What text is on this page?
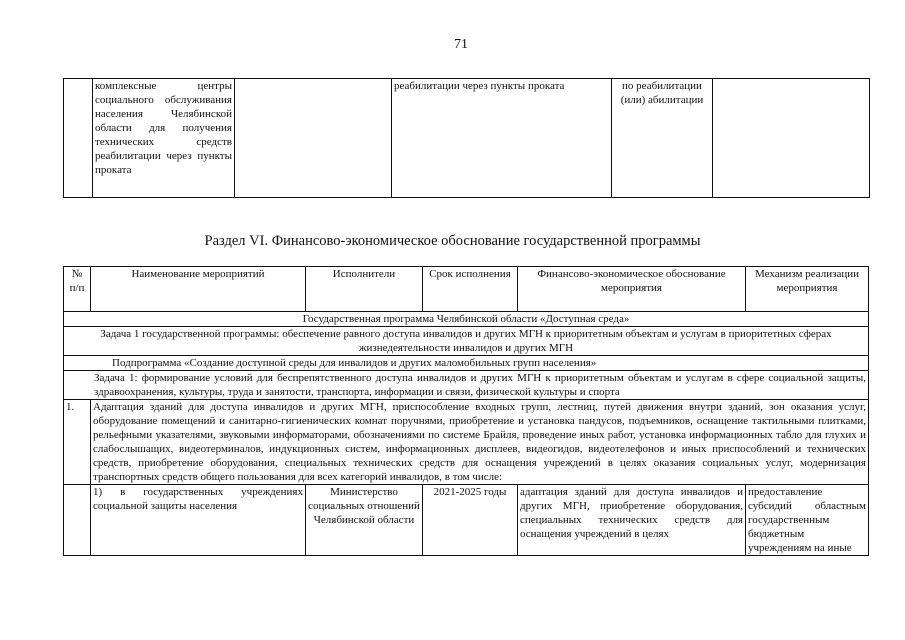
71
	комплексные центры социального обслуживания населения Челябинской области для получения технических средств реабилитации через пункты проката			реабилитации через пункты проката	по реабилитации (или) абилитации	
Раздел VI. Финансово-экономическое обоснование государственной программы
№ п/п	Наименование мероприятий	Исполнители	Срок исполнения	Финансово-экономическое обоснование мероприятия	Механизм реализации мероприятия
Государственная программа Челябинской области «Доступная среда»					
Задача 1 государственной программы: обеспечение равного доступа инвалидов и других МГН к приоритетным объектам и услугам в приоритетных сферах жизнедеятельности инвалидов и других МГН					
Подпрограмма «Создание доступной среды для инвалидов и других маломобильных групп населения»					
Задача 1: формирование условий для беспрепятственного доступа инвалидов и других МГН к приоритетным объектам и услугам в сфере социальной защиты, здравоохранения, культуры, труда и занятости, транспорта, информации и связи, физической культуры и спорта					
1.	Адаптация зданий для доступа инвалидов и других МГН, приспособление входных групп, лестниц, путей движения внутри зданий, зон оказания услуг, оборудование помещений и санитарно-гигиенических комнат поручнями, приобретение и установка пандусов, подъемников, оснащение тактильными плитками, рельефными указателями, звуковыми информаторами, обозначениями по системе Брайля, проведение иных работ, установка информационных табло для глухих и слабослышащих, видеотерминалов, индукционных систем, информационных дисплеев, видеогидов, видеотелефонов и иных приспособлений и технических средств, приобретение оборудования, специальных технических средств для оснащения учреждений в целях оказания социальных услуг, модернизация транспортных средств общего пользования для всех категорий инвалидов, в том числе:				
	1) в государственных учреждениях социальной защиты населения	Министерство социальных отношений Челябинской области	2021-2025 годы	адаптация зданий для доступа инвалидов и других МГН, приобретение оборудования, специальных технических средств для оснащения учреждений в целях	предоставление субсидий областным государственным бюджетным учреждениям на иные
